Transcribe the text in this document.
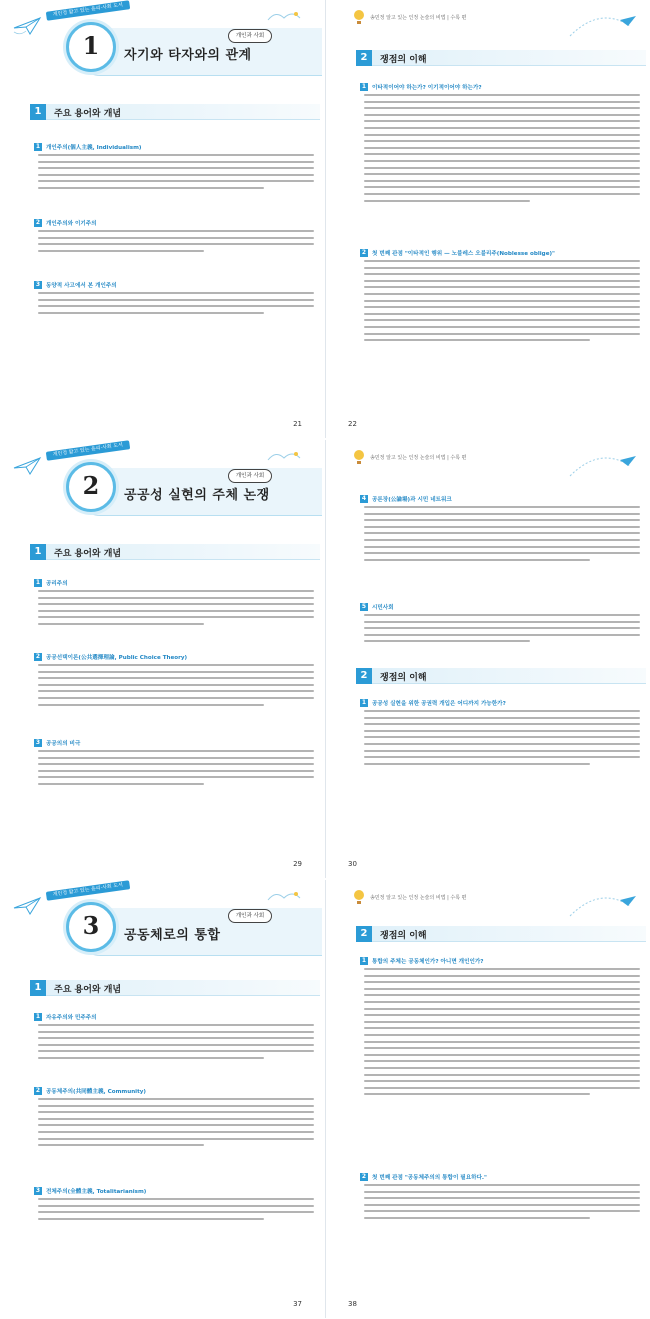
개인정 앎고 있는 윤리·사회 도서
1	개인과 사회
자기와 타자와의 관계
1	주요 용어와 개념
1	개인주의(個人主義, Individualism)
2	개인주의와 이기주의
3	동양적 사고에서 본 개인주의
21
송민정 알고 있는 인정 논술의 비법 | 수록 편
2	쟁점의 이해
1	이타적이어야 하는가? 이기적이어야 하는가?
2	첫 번째 관점 "이타적인 행위 — 노블레스 오블리주(Noblesse oblige)"
22
개인정 앎고 있는 윤리·사회 도서
2	개인과 사회
공공성 실현의 주체 논쟁
1	주요 용어와 개념
1	공리주의
2	공공선택이론(公共選擇理論, Public Choice Theory)
3	공공의의 비극
29
송민정 알고 있는 인정 논술의 비법 | 수록 편
4	공론장(公論場)과 시민 네트워크
5	시민사회
2	쟁점의 이해
1	공공성 실현을 위한 공권력 개입은 어디까지 가능한가?
30
개인정 앎고 있는 윤리·사회 도서
3	개인과 사회
공동체로의 통합
1	주요 용어와 개념
1	자유주의와 민주주의
2	공동체주의(共同體主義, Community)
3	전체주의(全體主義, Totalitarianism)
37
송민정 알고 있는 인정 논술의 비법 | 수록 편
2	쟁점의 이해
1	통합의 주체는 공동체인가? 아니면 개인인가?
2	첫 번째 관점 "공동체주의의 통합이 필요하다."
38
